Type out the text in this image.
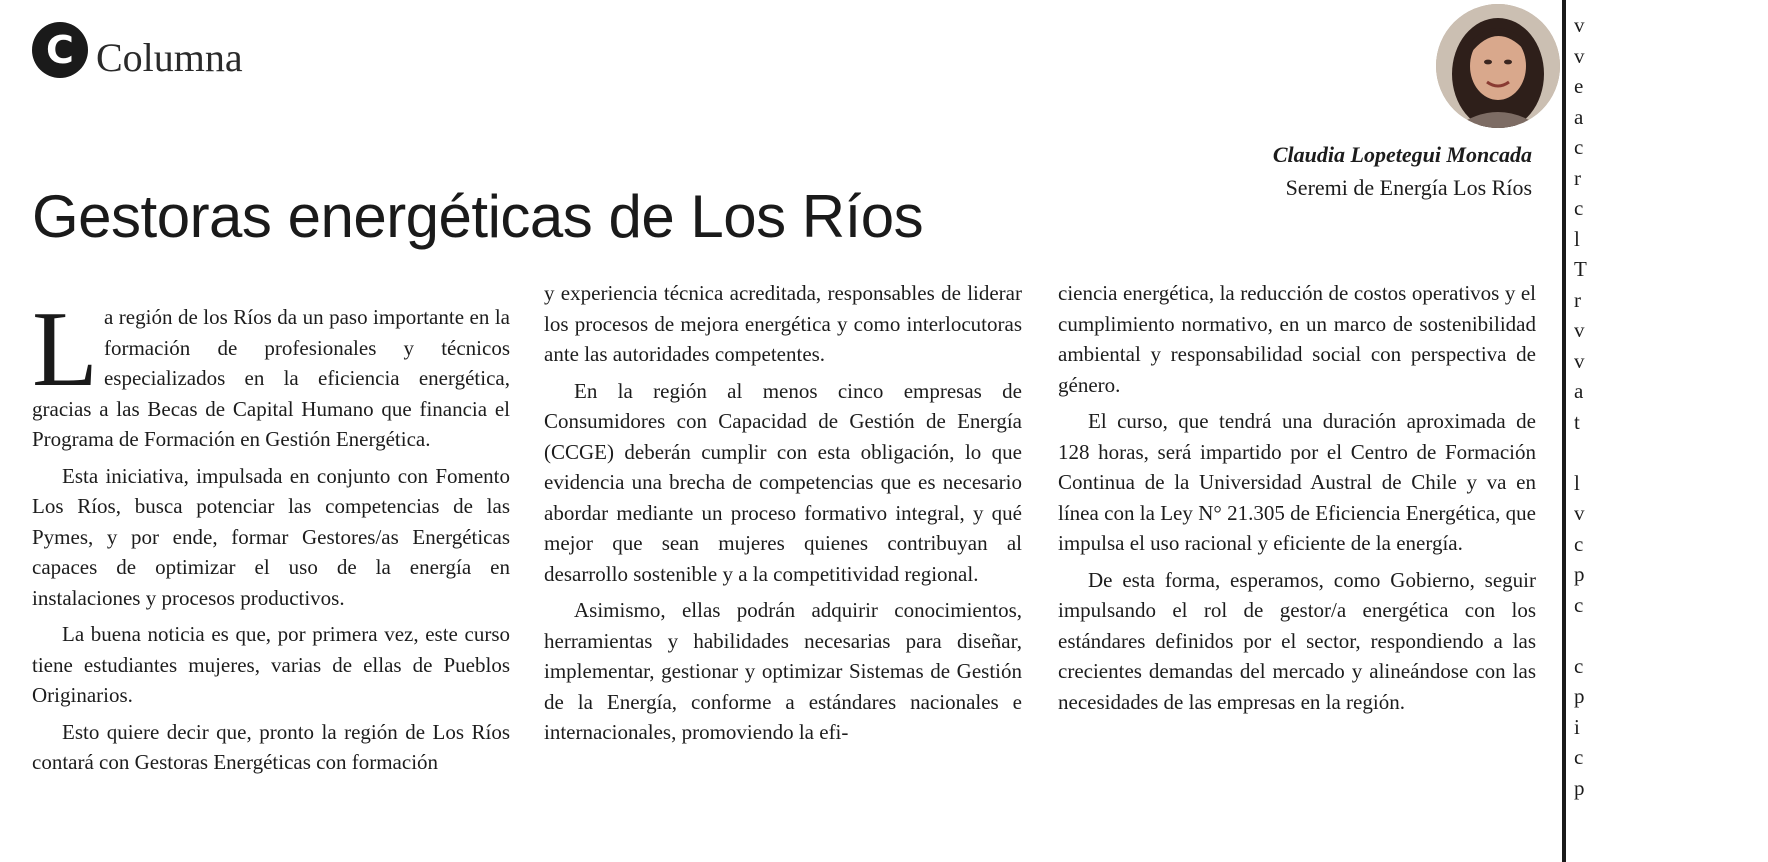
C Columna
Claudia Lopetegui Moncada
Seremi de Energía Los Ríos
Gestoras energéticas de Los Ríos

La región de los Ríos da un paso importante en la formación de profesionales y técnicos especializados en la eficiencia energética, gracias a las Becas de Capital Humano que financia el Programa de Formación en Gestión Energética.

Esta iniciativa, impulsada en conjunto con Fomento Los Ríos, busca potenciar las competencias de las Pymes, y por ende, formar Gestores/as Energéticas capaces de optimizar el uso de la energía en instalaciones y procesos productivos.

La buena noticia es que, por primera vez, este curso tiene estudiantes mujeres, varias de ellas de Pueblos Originarios.

Esto quiere decir que, pronto la región de Los Ríos contará con Gestoras Energéticas con formación

y experiencia técnica acreditada, responsables de liderar los procesos de mejora energética y como interlocutoras ante las autoridades competentes.

En la región al menos cinco empresas de Consumidores con Capacidad de Gestión de Energía (CCGE) deberán cumplir con esta obligación, lo que evidencia una brecha de competencias que es necesario abordar mediante un proceso formativo integral, y qué mejor que sean mujeres quienes contribuyan al desarrollo sostenible y a la competitividad regional.

Asimismo, ellas podrán adquirir conocimientos, herramientas y habilidades necesarias para diseñar, implementar, gestionar y optimizar Sistemas de Gestión de la Energía, conforme a estándares nacionales e internacionales, promoviendo la efi-

ciencia energética, la reducción de costos operativos y el cumplimiento normativo, en un marco de sostenibilidad ambiental y responsabilidad social con perspectiva de género.

El curso, que tendrá una duración aproximada de 128 horas, será impartido por el Centro de Formación Continua de la Universidad Austral de Chile y va en línea con la Ley N° 21.305 de Eficiencia Energética, que impulsa el uso racional y eficiente de la energía.

De esta forma, esperamos, como Gobierno, seguir impulsando el rol de gestor/a energética con los estándares definidos por el sector, respondiendo a las crecientes demandas del mercado y alineándose con las necesidades de las empresas en la región.

v
v
e
a
c
r
c
l
T
r
v
v
a
t
l
v
c
p
c
c
p
i
c
p
